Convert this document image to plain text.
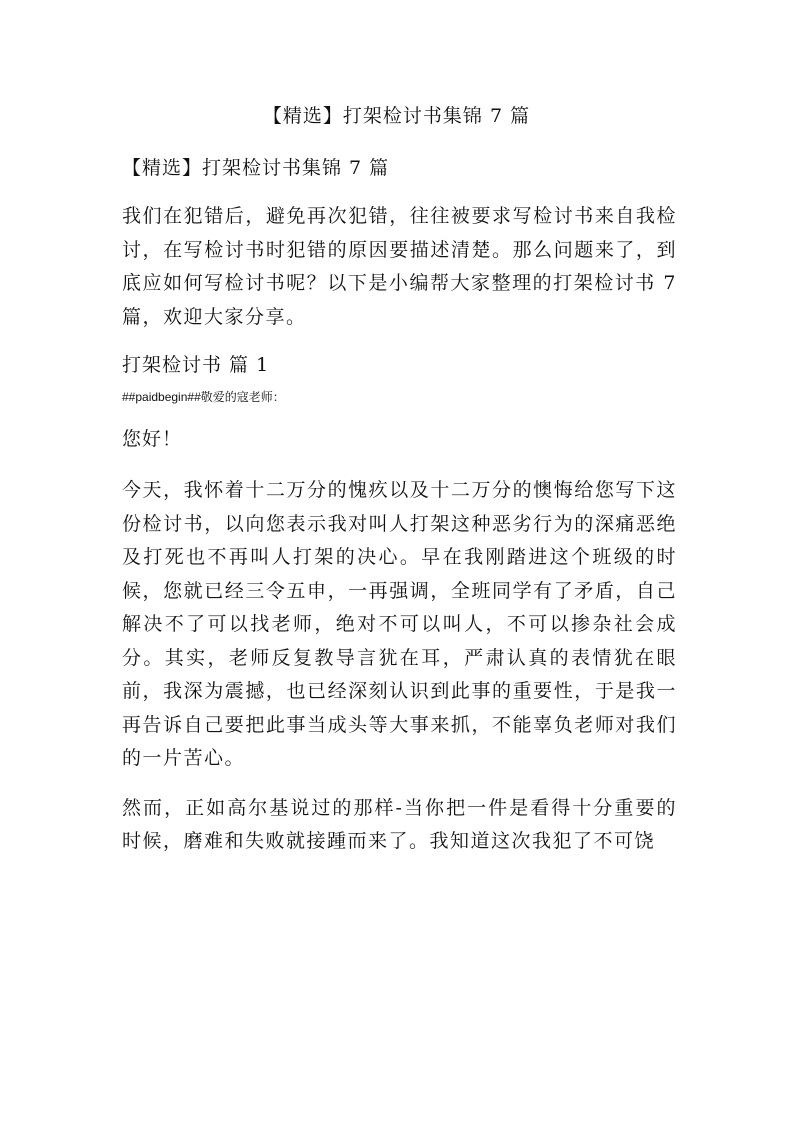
【精选】打架检讨书集锦 7 篇
【精选】打架检讨书集锦 7 篇

我们在犯错后，避免再次犯错，往往被要求写检讨书来自我检讨，在写检讨书时犯错的原因要描述清楚。那么问题来了，到底应如何写检讨书呢？以下是小编帮大家整理的打架检讨书 7 篇，欢迎大家分享。

打架检讨书 篇 1
##paidbegin##敬爱的寇老师：
您好！

今天，我怀着十二万分的愧疚以及十二万分的懊悔给您写下这份检讨书，以向您表示我对叫人打架这种恶劣行为的深痛恶绝及打死也不再叫人打架的决心。早在我刚踏进这个班级的时候，您就已经三令五申，一再强调，全班同学有了矛盾，自己解决不了可以找老师，绝对不可以叫人，不可以掺杂社会成分。其实，老师反复教导言犹在耳，严肃认真的表情犹在眼前，我深为震撼，也已经深刻认识到此事的重要性，于是我一再告诉自己要把此事当成头等大事来抓，不能辜负老师对我们的一片苦心。

然而，正如高尔基说过的那样-当你把一件是看得十分重要的时候，磨难和失败就接踵而来了。我知道这次我犯了不可饶
